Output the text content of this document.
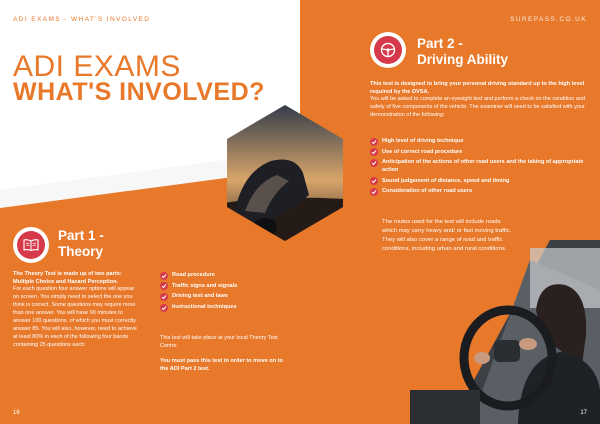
ADI EXAMS - WHAT'S INVOLVED
ADI EXAMS
WHAT'S INVOLVED?
Part 1 -
Theory

The Theory Test is made up of two parts: Multiple Choice and Hazard Perception.

For each question four answer options will appear on screen. You simply need to select the one you think is correct. Some questions may require more than one answer. You will have 90 minutes to answer 100 questions, of which you must correctly answer 85. You will also, however, need to achieve at least 80% in each of the following four bands containing 25 questions each:

Road procedure
Traffic signs and signals
Driving test and laws
Instructional techniques

This test will take place at your local Theory Test Centre.

You must pass this test in order to move on to the ADI Part 2 test.

16
SUREPASS.CO.UK
Part 2 -
Driving Ability

This test is designed to bring your personal driving standard up to the high level required by the DVSA.

You will be asked to complete an eyesight test and perform a check on the condition and safety of five components of the vehicle. The examiner will need to be satisfied with your demonstration of the following:

High level of driving technique
Use of correct road procedure
Anticipation of the actions of other road users and the taking of appropriate action
Sound judgement of distance, speed and timing
Consideration of other road users
The routes used for the test will include roads which may carry heavy and/ or fast moving traffic. They will also cover a range of road and traffic conditions, including urban and rural conditions.
17
